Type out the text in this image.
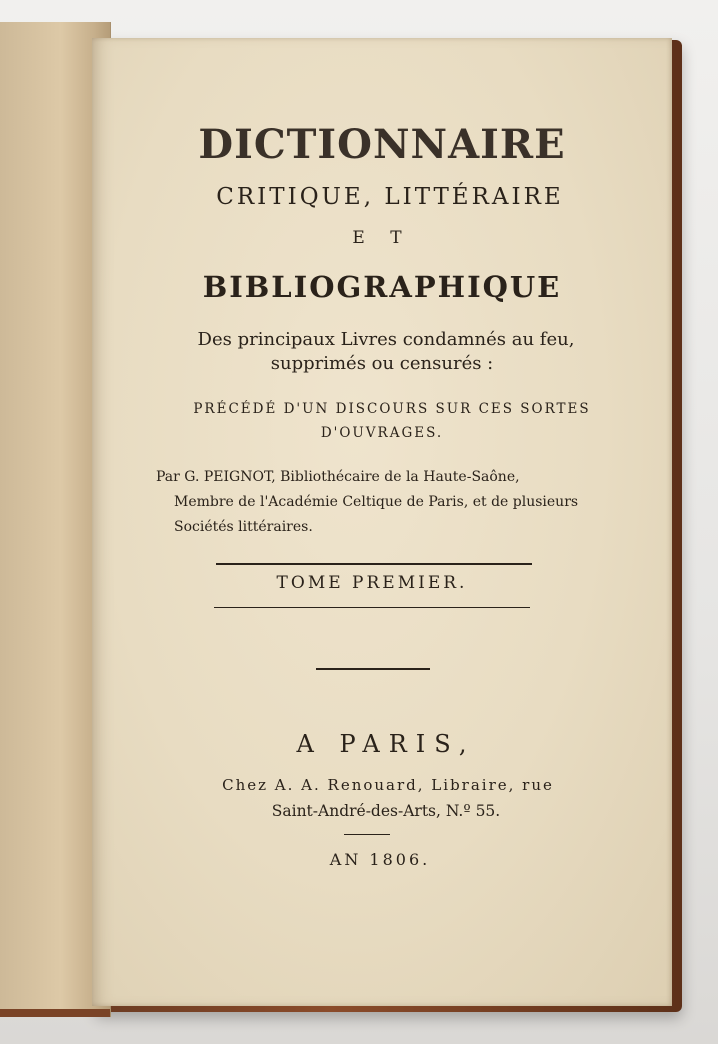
DICTIONNAIRE
CRITIQUE, LITTÉRAIRE
E T
BIBLIOGRAPHIQUE
Des principaux Livres condamnés au feu,
supprimés ou censurés :
PRÉCÉDÉ D'UN DISCOURS SUR CES SORTES
D'OUVRAGES.
Par G. PEIGNOT, Bibliothécaire de la Haute-Saône,
Membre de l'Académie Celtique de Paris, et de plusieurs
Sociétés littéraires.
TOME PREMIER.
A PARIS,
Chez A. A. Renouard, Libraire, rue
Saint-André-des-Arts, N.º 55.
AN 1806.
